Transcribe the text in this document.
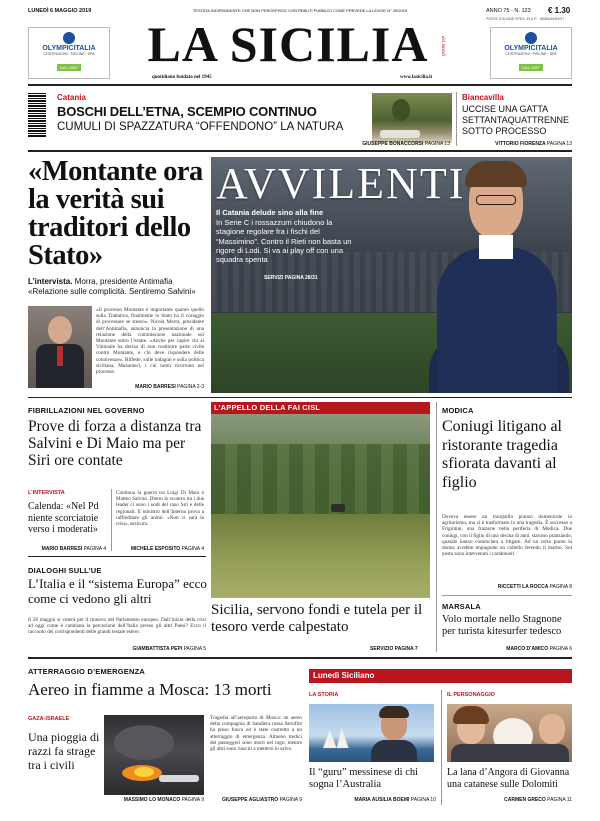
LUNEDÌ 6 MAGGIO 2019	TESTATA INDIPENDENTE CHE NON PERCEPISCE CONTRIBUTI PUBBLICI COME PREVEDE LA LEGGE N° 29/2019	ANNO 75 - N. 123 € 1.30
POSTE ITALIANE SPED. IN A.P. · ABBINAMENTI
OLYMPICITALIA
COSTRUZIONI · PISCINE · SPA
DAL 1987
OLYMPICITALIA
COSTRUZIONI · PISCINE · SPA
DAL 1987
LA SICILIA	del lunedì
quotidiano fondato nel 1945	www.lasicilia.it
Catania
BOSCHI DELL’ETNA, SCEMPIO CONTINUO
CUMULI DI SPAZZATURA “OFFENDONO” LA NATURA
GIUSEPPE BONACCORSI PAGINA 13
Biancavilla
UCCISE UNA GATTA SETTANTAQUATTRENNE SOTTO PROCESSO
VITTORIO FIORENZA PAGINA 13
«Montante ora la verità sui traditori dello Stato»
L’intervista. Morra, presidente Antimafia «Relazione sulle complicità. Sentiremo Salvini»
«Il processo Montante è importante quanto quello sulla Trattativa, finalmente lo Stato ha il coraggio di processare se stesso». Nicola Morra, presidente dell’Antimafia, annuncia la presentazione di una relazione della commissione nazionale sul Montante entro l’estate. «Anche per capire chi al Viminale ha deciso di non costituire parte civile contro Montante, e chi deve rispondere delle connivenze». Riflette, sulle indagini e sulla politica siciliana, Musumeci, i cui nomi ricorrono nel processo.
MARIO BARRESI PAGINA 2-3
AVVILENTI
Il Catania delude sino alla fine
In Serie C i rossazzurri chiudono la stagione regolare fra i fischi del “Massimino”. Contro il Rieti non basta un rigore di Lodi. Si va ai play off con una squadra spenta
SERVIZI PAGINA 28/31
FIBRILLAZIONI NEL GOVERNO
Prove di forza a distanza tra Salvini e Di Maio ma per Siri ore contate
L’INTERVISTA
Calenda: «Nel Pd niente scorciatoie verso i moderati»
MARIO BARRESI PAGINA 4
Continua la guerra tra Luigi Di Maio e Matteo Salvini. Dietro lo scontro tra i due leader ci sono i nodi del caso Siri e delle regionali. Il ministro dell’Interno prova a raffreddare gli animi. «Non ci sarà la crisi», assicura.
MICHELE ESPOSITO PAGINA 4
DIALOGHI SULL’UE
L’Italia e il “sistema Europa” ecco come ci vedono gli altri
Il 26 maggio si voterà per il rinnovo del Parlamento europeo. Dall’inizio della crisi ad oggi come è cambiata la percezione dell’Italia presso gli altri Paesi? Ecco il racconto dei corrispondenti delle grandi testate estere.
GIAMBATTISTA PEPI PAGINA 5
L’APPELLO DELLA FAI CISL
Sicilia, servono fondi e tutela per il tesoro verde calpestato
SERVIZIO PAGINA 7
MODICA
Coniugi litigano al ristorante tragedia sfiorata davanti al figlio
Doveva essere un tranquillo pranzo domenicale in agriturismo, ma si è trasformato in una tragedia. È successo a Frigintini, una frazione nella periferia di Modica. Due coniugi, con il figlio di una decina di anni, stavano pranzando, quando hanno cominciato a litigare. Ad un certo punto la donna avrebbe impugnato un coltello ferendo il marito. Sul posto sono intervenuti i carabinieri.
RICCETTI LA ROCCA PAGINA 8
MARSALA
Volo mortale nello Stagnone per turista kitesurfer tedesco
MARCO D’AMICO PAGINA 6
ATTERRAGGIO D’EMERGENZA
Aereo in fiamme a Mosca: 13 morti
GAZA-ISRAELE
Una pioggia di razzi fa strage tra i civili
MASSIMO LO MONACO PAGINA 9
Tragedia all’aeroporto di Mosca: un aereo della compagnia di bandiera russa Aeroflot ha preso fuoco ed è stato costretto a un atterraggio di emergenza. Almeno tredici dei passeggeri sono morti nel rogo, mentre gli altri sono riusciti a mettersi in salvo.
GIUSEPPE AGLIASTRO PAGINA 9
Lunedì Siciliano
LA STORIA
Il “guru” messinese di chi sogna l’Australia
MARIA AUSILIA BOEMI PAGINA 10
IL PERSONAGGIO
La lana d’Angora di Giovanna una catanese sulle Dolomiti
CARMEN GRECO PAGINA 11
